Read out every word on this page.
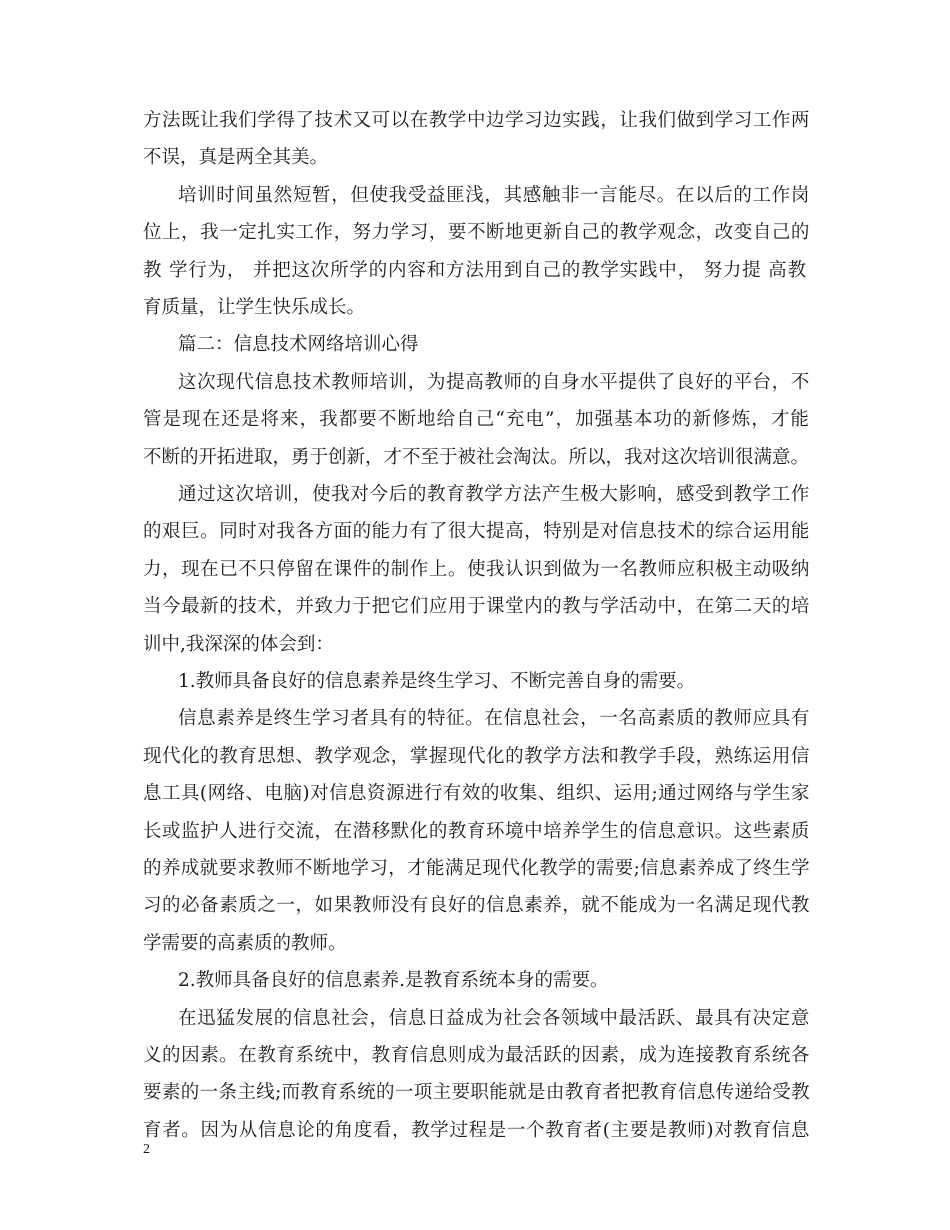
方法既让我们学得了技术又可以在教学中边学习边实践，让我们做到学习工作两
不误，真是两全其美。
培训时间虽然短暂，但使我受益匪浅，其感触非一言能尽。在以后的工作岗
位上，我一定扎实工作，努力学习，要不断地更新自己的教学观念，改变自己的
教 学行为， 并把这次所学的内容和方法用到自己的教学实践中， 努力提 高教
育质量，让学生快乐成长。
篇二：信息技术网络培训心得
这次现代信息技术教师培训，为提高教师的自身水平提供了良好的平台，不
管是现在还是将来，我都要不断地给自己“充电”，加强基本功的新修炼，才能
不断的开拓进取，勇于创新，才不至于被社会淘汰。所以，我对这次培训很满意。
通过这次培训，使我对今后的教育教学方法产生极大影响，感受到教学工作
的艰巨。同时对我各方面的能力有了很大提高，特别是对信息技术的综合运用能
力，现在已不只停留在课件的制作上。使我认识到做为一名教师应积极主动吸纳
当今最新的技术，并致力于把它们应用于课堂内的教与学活动中，在第二天的培
训中,我深深的体会到：
1.教师具备良好的信息素养是终生学习、不断完善自身的需要。
信息素养是终生学习者具有的特征。在信息社会，一名高素质的教师应具有
现代化的教育思想、教学观念，掌握现代化的教学方法和教学手段，熟练运用信
息工具(网络、电脑)对信息资源进行有效的收集、组织、运用;通过网络与学生家
长或监护人进行交流，在潜移默化的教育环境中培养学生的信息意识。这些素质
的养成就要求教师不断地学习，才能满足现代化教学的需要;信息素养成了终生学
习的必备素质之一，如果教师没有良好的信息素养，就不能成为一名满足现代教
学需要的高素质的教师。
2.教师具备良好的信息素养.是教育系统本身的需要。
在迅猛发展的信息社会，信息日益成为社会各领域中最活跃、最具有决定意
义的因素。在教育系统中，教育信息则成为最活跃的因素，成为连接教育系统各
要素的一条主线;而教育系统的一项主要职能就是由教育者把教育信息传递给受教
育者。因为从信息论的角度看，教学过程是一个教育者(主要是教师)对教育信息
2
